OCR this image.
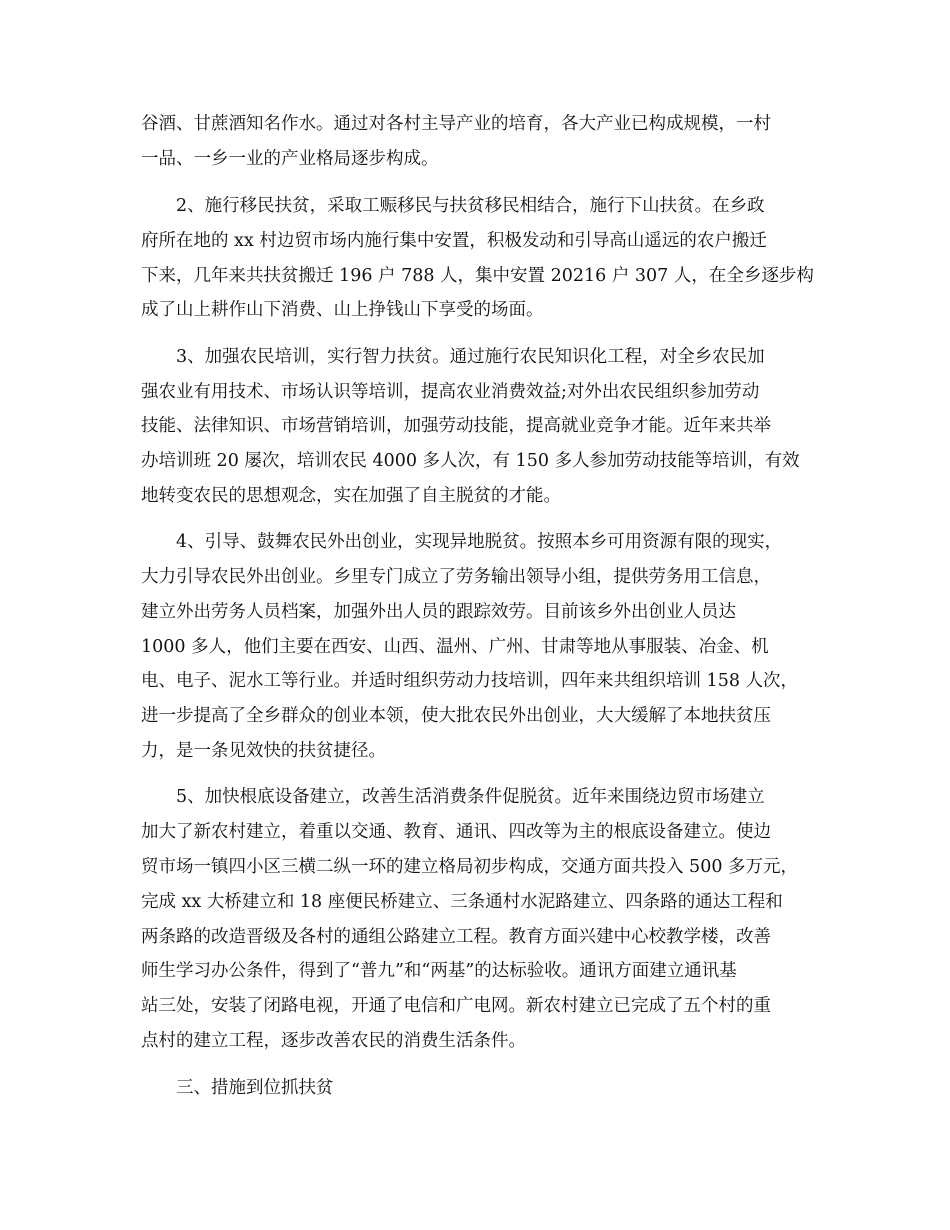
谷酒、甘蔗酒知名作水。通过对各村主导产业的培育，各大产业已构成规模，一村
一品、一乡一业的产业格局逐步构成。
2、施行移民扶贫，采取工赈移民与扶贫移民相结合，施行下山扶贫。在乡政
府所在地的 xx 村边贸市场内施行集中安置，积极发动和引导高山遥远的农户搬迁
下来，几年来共扶贫搬迁 196 户 788 人，集中安置 20216 户 307 人，在全乡逐步构
成了山上耕作山下消费、山上挣钱山下享受的场面。
3、加强农民培训，实行智力扶贫。通过施行农民知识化工程，对全乡农民加
强农业有用技术、市场认识等培训，提高农业消费效益;对外出农民组织参加劳动
技能、法律知识、市场营销培训，加强劳动技能，提高就业竞争才能。近年来共举
办培训班 20 屡次，培训农民 4000 多人次，有 150 多人参加劳动技能等培训，有效
地转变农民的思想观念，实在加强了自主脱贫的才能。
4、引导、鼓舞农民外出创业，实现异地脱贫。按照本乡可用资源有限的现实，
大力引导农民外出创业。乡里专门成立了劳务输出领导小组，提供劳务用工信息，
建立外出劳务人员档案，加强外出人员的跟踪效劳。目前该乡外出创业人员达
1000 多人，他们主要在西安、山西、温州、广州、甘肃等地从事服装、冶金、机
电、电子、泥水工等行业。并适时组织劳动力技培训，四年来共组织培训 158 人次，
进一步提高了全乡群众的创业本领，使大批农民外出创业，大大缓解了本地扶贫压
力，是一条见效快的扶贫捷径。
5、加快根底设备建立，改善生活消费条件促脱贫。近年来围绕边贸市场建立
加大了新农村建立，着重以交通、教育、通讯、四改等为主的根底设备建立。使边
贸市场一镇四小区三横二纵一环的建立格局初步构成，交通方面共投入 500 多万元，
完成 xx 大桥建立和 18 座便民桥建立、三条通村水泥路建立、四条路的通达工程和
两条路的改造晋级及各村的通组公路建立工程。教育方面兴建中心校教学楼，改善
师生学习办公条件，得到了“普九”和“两基”的达标验收。通讯方面建立通讯基
站三处，安装了闭路电视，开通了电信和广电网。新农村建立已完成了五个村的重
点村的建立工程，逐步改善农民的消费生活条件。
三、措施到位抓扶贫
